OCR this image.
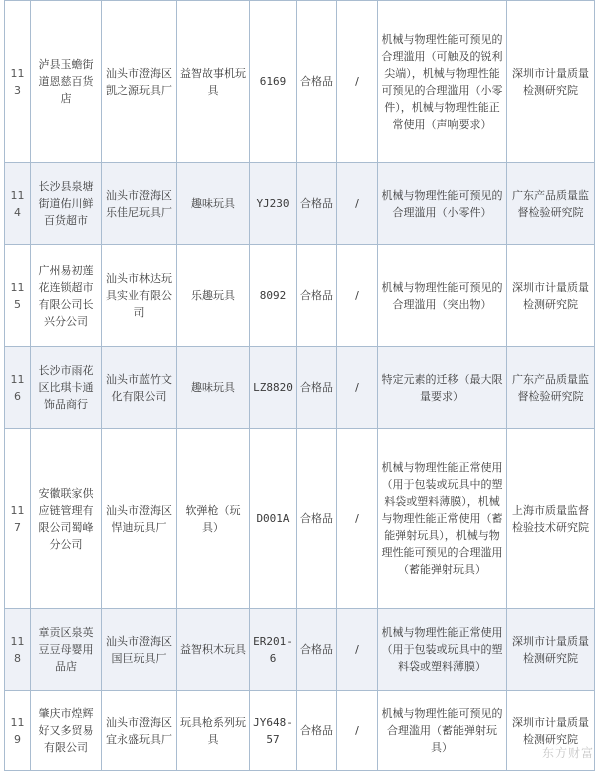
113	泸县玉蟾街道恩慈百货店	汕头市澄海区凯之源玩具厂	益智故事机玩具	6169	合格品	/	机械与物理性能可预见的合理滥用（可触及的锐利尖端），机械与物理性能可预见的合理滥用（小零件），机械与物理性能正常使用（声响要求）	深圳市计量质量检测研究院
114	长沙县泉塘街道佑川鲜百货超市	汕头市澄海区乐佳尼玩具厂	趣味玩具	YJ230	合格品	/	机械与物理性能可预见的合理滥用（小零件）	广东产品质量监督检验研究院
115	广州易初莲花连锁超市有限公司长兴分公司	汕头市林达玩具实业有限公司	乐趣玩具	8092	合格品	/	机械与物理性能可预见的合理滥用（突出物）	深圳市计量质量检测研究院
116	长沙市雨花区比琪卡通饰品商行	汕头市蓝竹文化有限公司	趣味玩具	LZ8820	合格品	/	特定元素的迁移（最大限量要求）	广东产品质量监督检验研究院
117	安徽联家供应链管理有限公司蜀峰分公司	汕头市澄海区悍迪玩具厂	软弹枪（玩具）	D001A	合格品	/	机械与物理性能正常使用（用于包装或玩具中的塑料袋或塑料薄膜），机械与物理性能正常使用（蓄能弹射玩具），机械与物理性能可预见的合理滥用（蓄能弹射玩具）	上海市质量监督检验技术研究院
118	章贡区泉英豆豆母婴用品店	汕头市澄海区国巨玩具厂	益智积木玩具	ER201-6	合格品	/	机械与物理性能正常使用（用于包装或玩具中的塑料袋或塑料薄膜）	深圳市计量质量检测研究院
119	肇庆市煌辉好又多贸易有限公司	汕头市澄海区宜永盛玩具厂	玩具枪系列玩具	JY648-57	合格品	/	机械与物理性能可预见的合理滥用（蓄能弹射玩具）	深圳市计量质量检测研究院
东方财富
